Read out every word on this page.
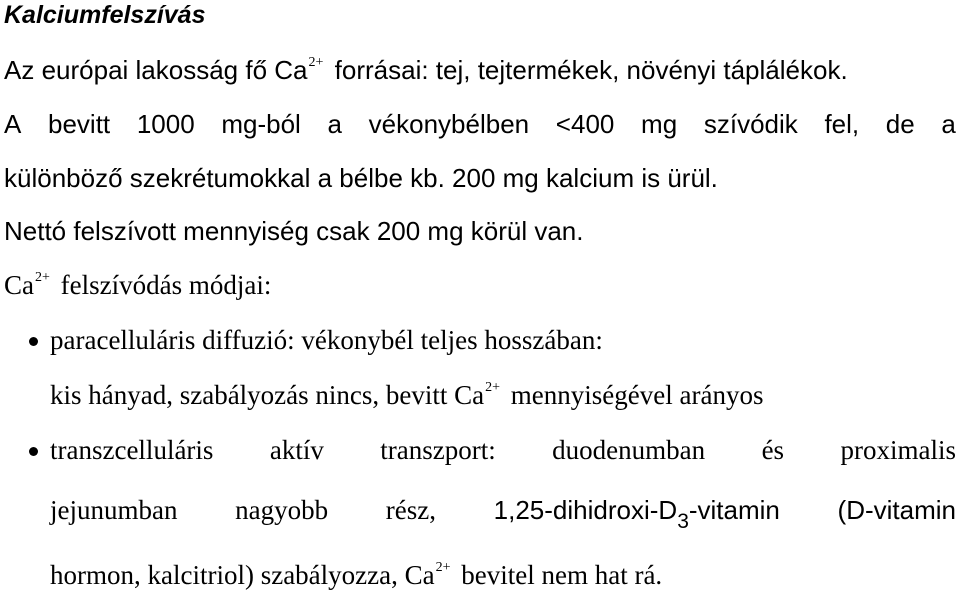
Kalciumfelszívás
Az európai lakosság fő $Ca^{2+}$ forrásai: tej, tejtermékek, növényi táplálékok.
A bevitt 1000 mg-ból a vékonybélben <400 mg szívódik fel, de a
különböző szekrétumokkal a bélbe kb. 200 mg kalcium is ürül.
Nettó felszívott mennyiség csak 200 mg körül van.
$Ca^{2+}$ felszívódás módjai:
paracelluláris diffuzió: vékonybél teljes hosszában:
kis hányad, szabályozás nincs, bevitt $Ca^{2+}$ mennyiségével arányos
transzcelluláris aktív transzport: duodenumban és proximalis
jejunumban nagyobb rész, $1,25-dihidroxi-D_3$-vitamin (D-vitamin
hormon, kalcitriol) szabályozza, $Ca^{2+}$ bevitel nem hat rá.
